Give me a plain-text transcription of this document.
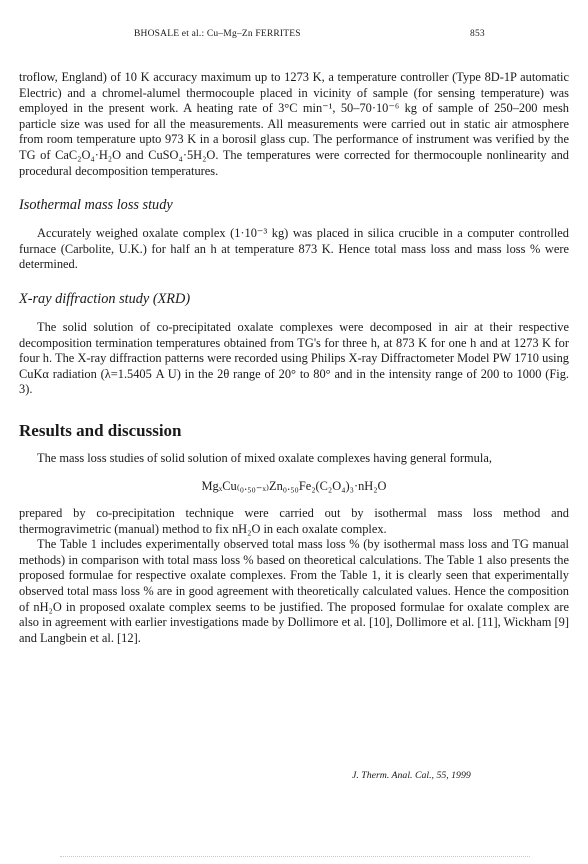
BHOSALE et al.: Cu–Mg–Zn FERRITES	853

troflow, England) of 10 K accuracy maximum up to 1273 K, a temperature controller (Type 8D-1P automatic Electric) and a chromel-alumel thermocouple placed in vicinity of sample (for sensing temperature) was employed in the present work. A heating rate of 3°C min⁻¹, 50–70·10⁻⁶ kg of sample of 250–200 mesh particle size was used for all the measurements. All measurements were carried out in static air atmosphere from room temperature upto 973 K in a borosil glass cup. The performance of instrument was verified by the TG of CaC₂O₄·H₂O and CuSO₄·5H₂O. The temperatures were corrected for thermocouple nonlinearity and procedural decomposition temperatures.

Isothermal mass loss study

Accurately weighed oxalate complex (1·10⁻³ kg) was placed in silica crucible in a computer controlled furnace (Carbolite, U.K.) for half an h at temperature 873 K. Hence total mass loss and mass loss % were determined.

X-ray diffraction study (XRD)

The solid solution of co-precipitated oxalate complexes were decomposed in air at their respective decomposition termination temperatures obtained from TG's for three h, at 873 K for one h and at 1273 K for four h. The X-ray diffraction patterns were recorded using Philips X-ray Diffractometer Model PW 1710 using CuKα radiation (λ=1.5405 A U) in the 2θ range of 20° to 80° and in the intensity range of 200 to 1000 (Fig. 3).

Results and discussion

The mass loss studies of solid solution of mixed oxalate complexes having general formula,

MgₓCu₍₀.₅₀₋ₓ₎Zn₀.₅₀Fe₂(C₂O₄)₃·nH₂O

prepared by co-precipitation technique were carried out by isothermal mass loss method and thermogravimetric (manual) method to fix nH₂O in each oxalate complex.

The Table 1 includes experimentally observed total mass loss % (by isothermal mass loss and TG manual methods) in comparison with total mass loss % based on theoretical calculations. The Table 1 also presents the proposed formulae for respective oxalate complexes. From the Table 1, it is clearly seen that experimentally observed total mass loss % are in good agreement with theoretically calculated values. Hence the composition of nH₂O in proposed oxalate complex seems to be justified. The proposed formulae for oxalate complex are also in agreement with earlier investigations made by Dollimore et al. [10], Dollimore et al. [11], Wickham [9] and Langbein et al. [12].

J. Therm. Anal. Cal., 55, 1999
